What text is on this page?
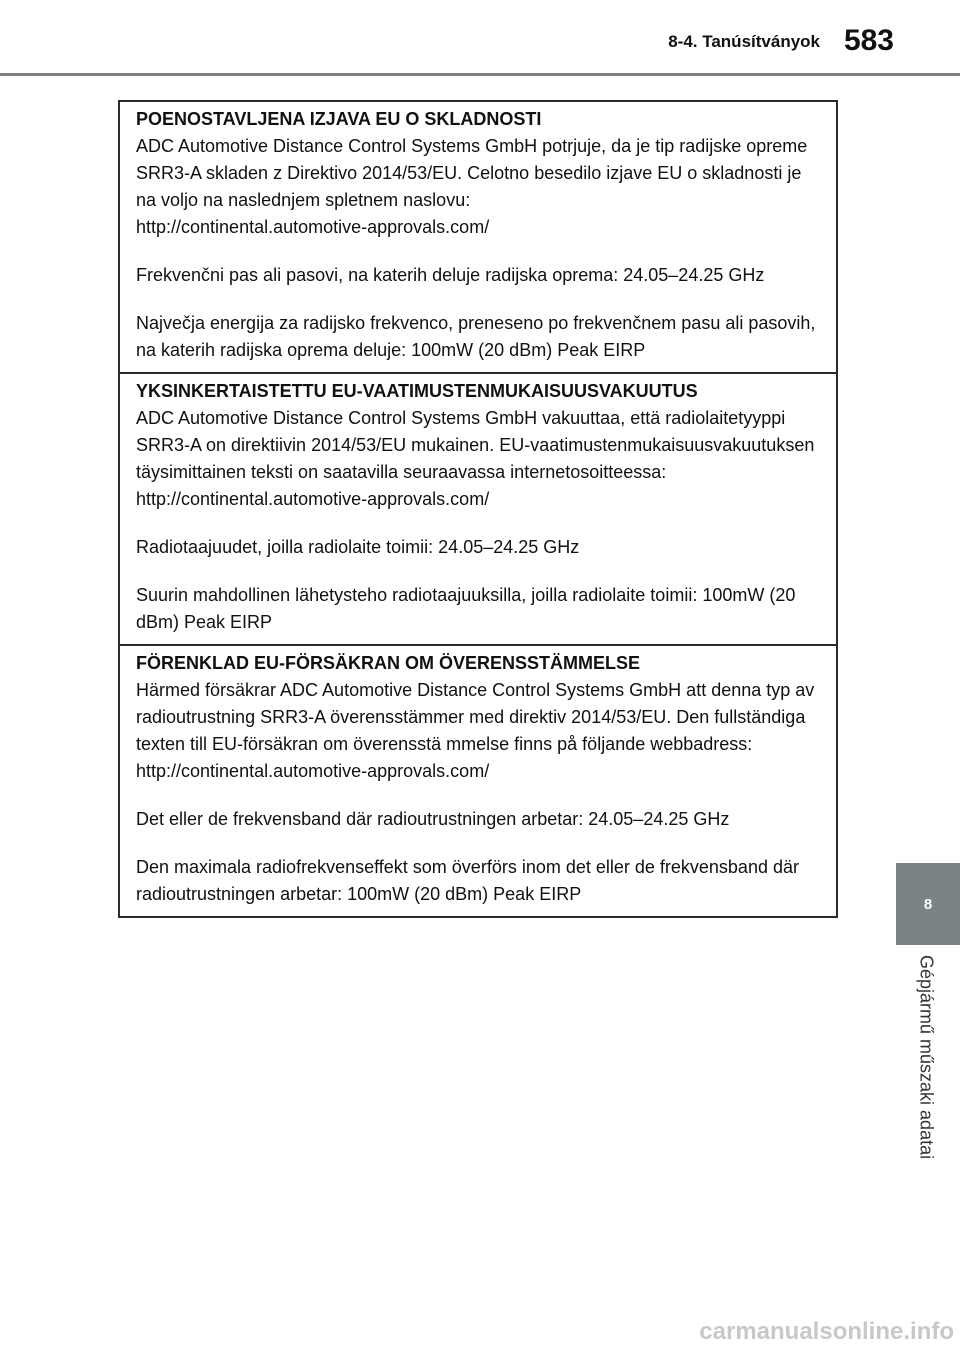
8-4. Tanúsítványok 583
8
Gépjármű műszaki adatai
POENOSTAVLJENA IZJAVA EU O SKLADNOSTI

ADC Automotive Distance Control Systems GmbH potrjuje, da je tip radijske opreme SRR3-A skladen z Direktivo 2014/53/EU. Celotno besedilo izjave EU o skladnosti je na voljo na naslednjem spletnem naslovu:

http://continental.automotive-approvals.com/

Frekvenčni pas ali pasovi, na katerih deluje radijska oprema: 24.05–24.25 GHz

Največja energija za radijsko frekvenco, preneseno po frekvenčnem pasu ali pasovih, na katerih radijska oprema deluje: 100mW (20 dBm) Peak EIRP

YKSINKERTAISTETTU EU-VAATIMUSTENMUKAISUUSVAKUUTUS

ADC Automotive Distance Control Systems GmbH vakuuttaa, että radiolaitetyyppi SRR3-A on direktiivin 2014/53/EU mukainen. EU-vaatimustenmukaisuusvakuutuksen täysimittainen teksti on saatavilla seuraavassa internetosoitteessa:

http://continental.automotive-approvals.com/

Radiotaajuudet, joilla radiolaite toimii: 24.05–24.25 GHz

Suurin mahdollinen lähetysteho radiotaajuuksilla, joilla radiolaite toimii: 100mW (20 dBm) Peak EIRP

FÖRENKLAD EU-FÖRSÄKRAN OM ÖVERENSSTÄMMELSE

Härmed försäkrar ADC Automotive Distance Control Systems GmbH att denna typ av radioutrustning SRR3-A överensstämmer med direktiv 2014/53/EU. Den fullständiga texten till EU-försäkran om överensstä mmelse finns på följande webbadress:

http://continental.automotive-approvals.com/

Det eller de frekvensband där radioutrustningen arbetar: 24.05–24.25 GHz

Den maximala radiofrekvenseffekt som överförs inom det eller de frekvensband där radioutrustningen arbetar: 100mW (20 dBm) Peak EIRP

carmanualsonline.info
